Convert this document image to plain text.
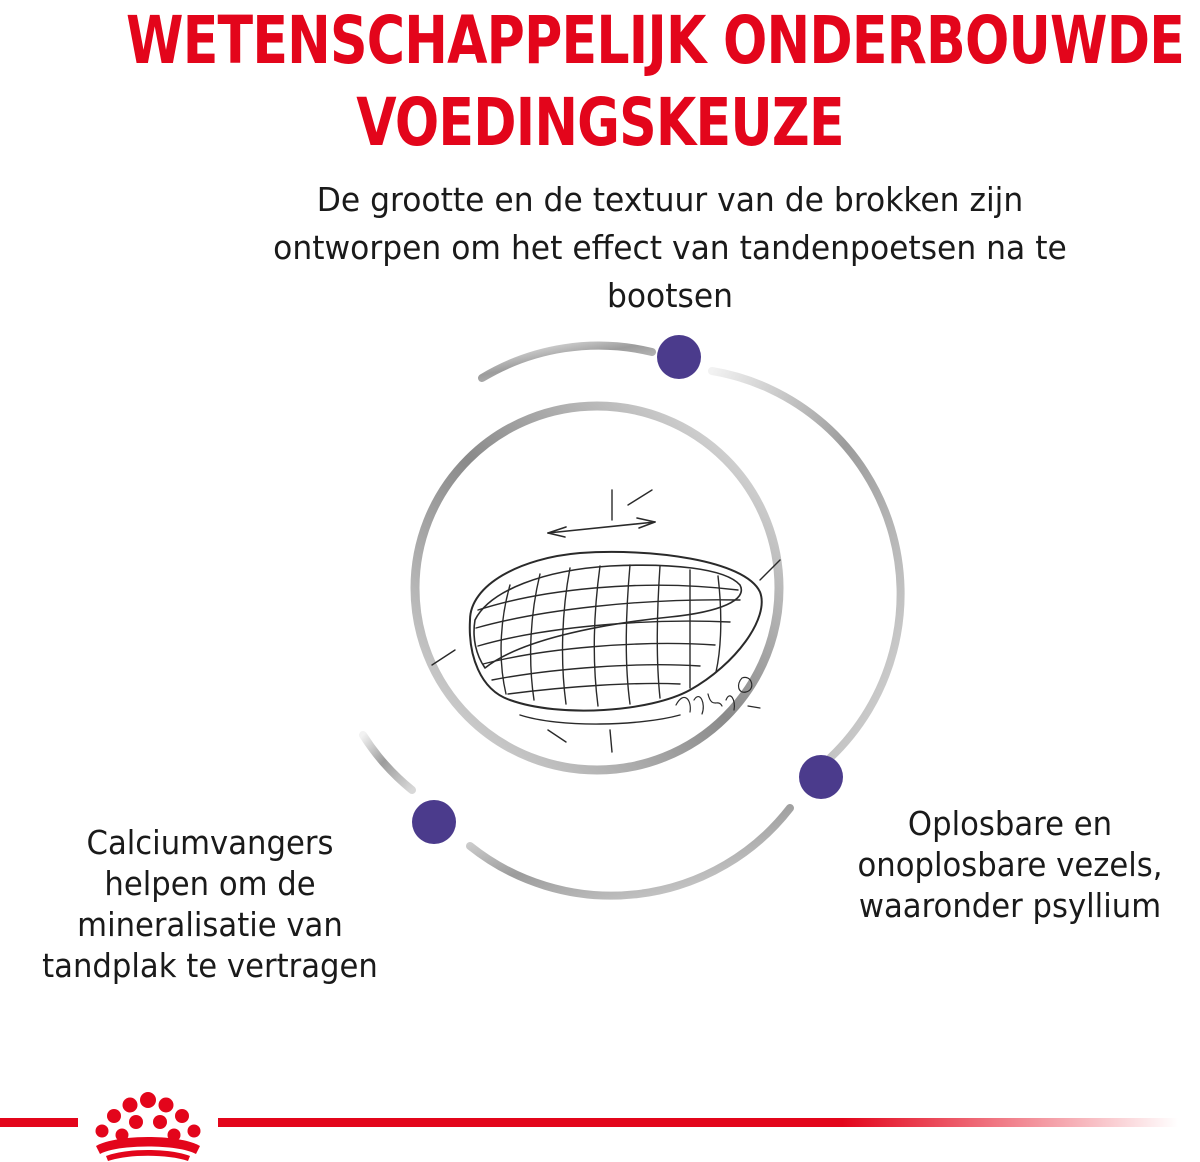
WETENSCHAPPELIJK ONDERBOUWDE
VOEDINGSKEUZE

De grootte en de textuur van de brokken zijn ontworpen om het effect van tandenpoetsen na te bootsen

Calciumvangers helpen om de mineralisatie van tandplak te vertragen

Oplosbare en onoplosbare vezels, waaronder psyllium
